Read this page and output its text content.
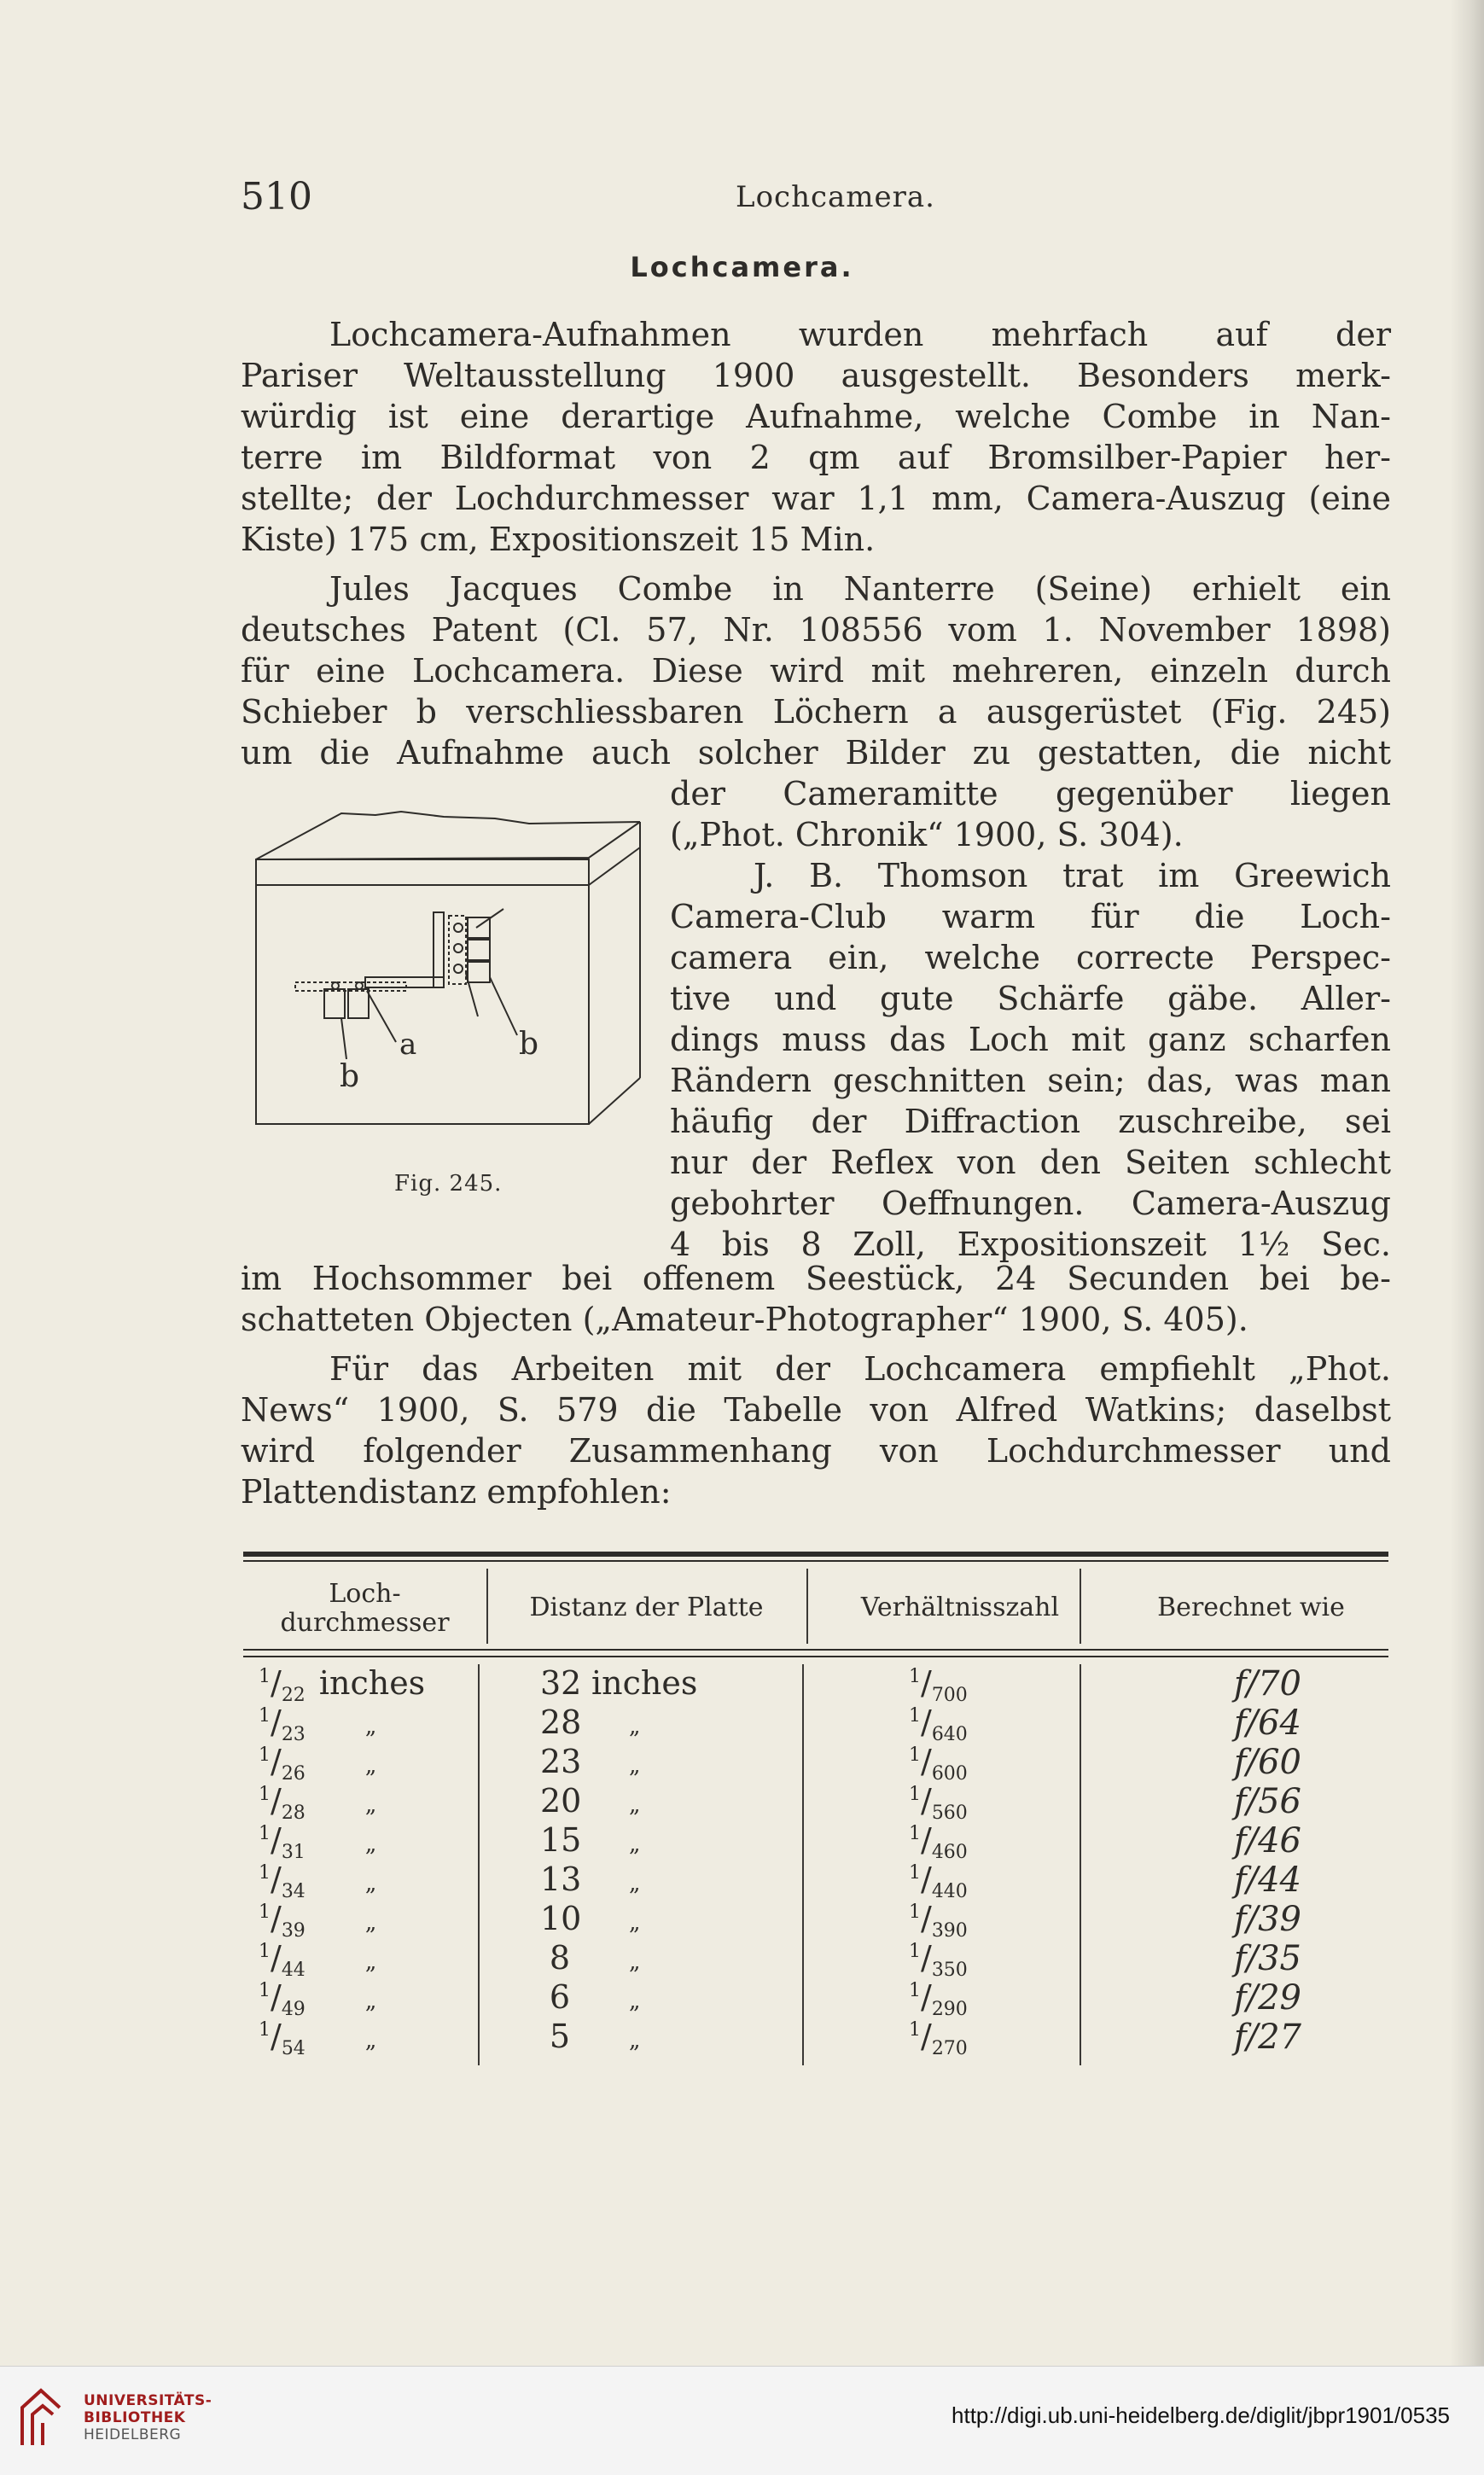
510	Lochcamera.
Lochcamera.
Lochcamera-Aufnahmen wurden mehrfach auf der
Pariser Weltausstellung 1900 ausgestellt. Besonders merk-
würdig ist eine derartige Aufnahme, welche Combe in Nan-
terre im Bildformat von 2 qm auf Bromsilber-Papier her-
stellte; der Lochdurchmesser war 1,1 mm, Camera-Auszug (eine
Kiste) 175 cm, Expositionszeit 15 Min.
Jules Jacques Combe in Nanterre (Seine) erhielt ein
deutsches Patent (Cl. 57, Nr. 108556 vom 1. November 1898)
für eine Lochcamera. Diese wird mit mehreren, einzeln durch
Schieber b verschliessbaren Löchern a ausgerüstet (Fig. 245)
um die Aufnahme auch solcher Bilder zu gestatten, die nicht
der Cameramitte gegenüber liegen
(„Phot. Chronik“ 1900, S. 304).
J. B. Thomson trat im Greewich
Camera-Club warm für die Loch-
camera ein, welche correcte Perspec-
tive und gute Schärfe gäbe. Aller-
dings muss das Loch mit ganz scharfen
Rändern geschnitten sein; das, was man
häufig der Diffraction zuschreibe, sei
nur der Reflex von den Seiten schlecht
gebohrter Oeffnungen. Camera-Auszug
4 bis 8 Zoll, Expositionszeit 1½ Sec.
im Hochsommer bei offenem Seestück, 24 Secunden bei be-
schatteten Objecten („Amateur-Photographer“ 1900, S. 405).
Für das Arbeiten mit der Lochcamera empfiehlt „Phot.
News“ 1900, S. 579 die Tabelle von Alfred Watkins; daselbst
wird folgender Zusammenhang von Lochdurchmesser und
Plattendistanz empfohlen:
a	b
b
Fig. 245.
Loch-
durchmesser
Distanz der Platte	Verhältnisszahl	Berechnet wie
$^1/_{22}$ inches	32 inches	$^1/_{700}$	f/70
$^1/_{23}$	„	28 „	$^1/_{640}$	f/64
$^1/_{26}$	„	23 „	$^1/_{600}$	f/60
$^1/_{28}$	„	20 „	$^1/_{560}$	f/56
$^1/_{31}$	„	15 „	$^1/_{460}$	f/46
$^1/_{34}$	„	13 „	$^1/_{440}$	f/44
$^1/_{39}$	„	10 „	$^1/_{390}$	f/39
$^1/_{44}$	„	8	„	$^1/_{350}$	f/35
$^1/_{49}$	„	6	„	$^1/_{290}$	f/29
$^1/_{54}$	„	5	„	$^1/_{270}$	f/27
UNIVERSITÄTS-
BIBLIOTHEK
HEIDELBERG
http://digi.ub.uni-heidelberg.de/diglit/jbpr1901/0535
